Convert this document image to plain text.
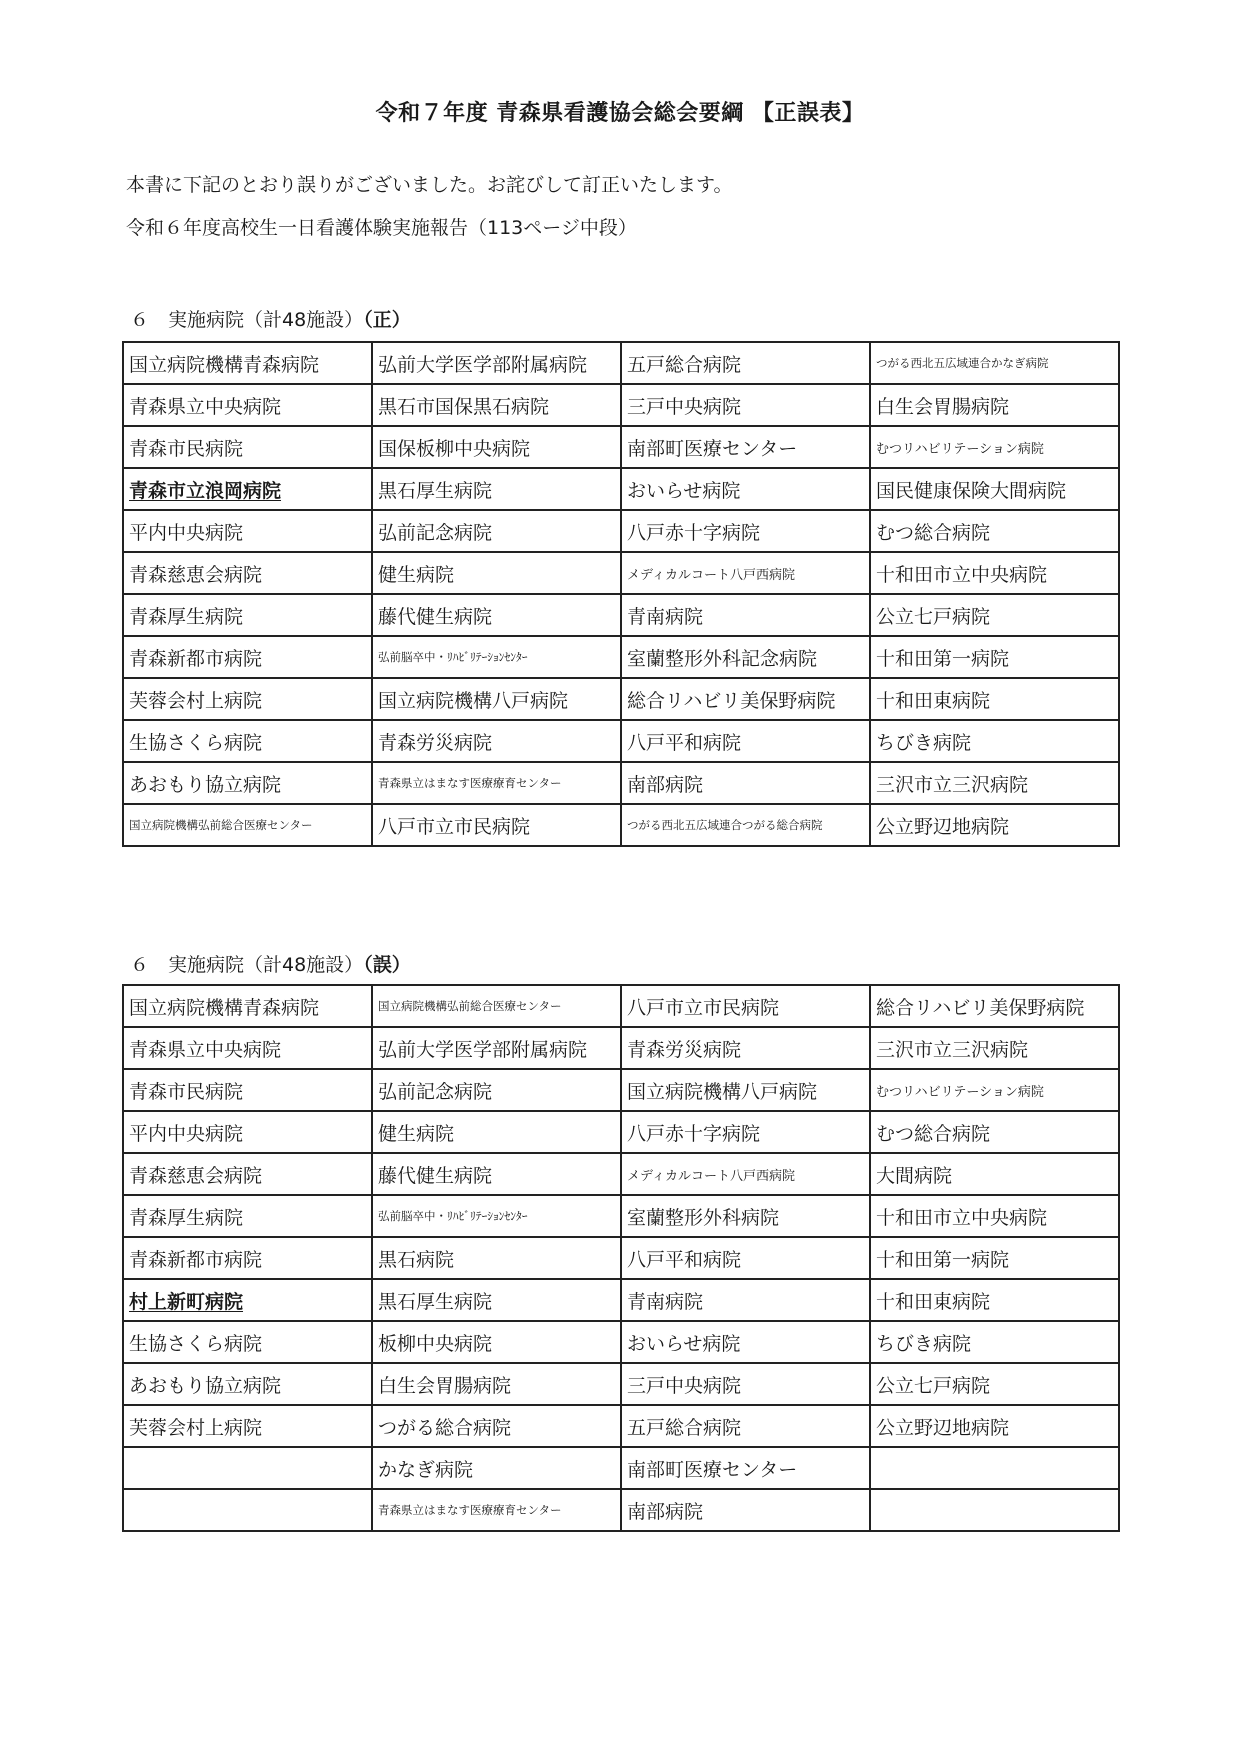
令和７年度 青森県看護協会総会要綱 【正誤表】
本書に下記のとおり誤りがございました。お詫びして訂正いたします。
令和６年度高校生一日看護体験実施報告（113ページ中段）
６　実施病院（計48施設）（正）
国立病院機構青森病院	弘前大学医学部附属病院	五戸総合病院	つがる西北五広域連合かなぎ病院
青森県立中央病院	黒石市国保黒石病院	三戸中央病院	白生会胃腸病院
青森市民病院	国保板柳中央病院	南部町医療センター	むつリハビリテーション病院
青森市立浪岡病院	黒石厚生病院	おいらせ病院	国民健康保険大間病院
平内中央病院	弘前記念病院	八戸赤十字病院	むつ総合病院
青森慈恵会病院	健生病院	メディカルコート八戸西病院	十和田市立中央病院
青森厚生病院	藤代健生病院	青南病院	公立七戸病院
青森新都市病院	弘前脳卒中・ﾘﾊﾋﾞﾘﾃｰｼｮﾝｾﾝﾀｰ	室蘭整形外科記念病院	十和田第一病院
芙蓉会村上病院	国立病院機構八戸病院	総合リハビリ美保野病院	十和田東病院
生協さくら病院	青森労災病院	八戸平和病院	ちびき病院
あおもり協立病院	青森県立はまなす医療療育センター	南部病院	三沢市立三沢病院
国立病院機構弘前総合医療センター	八戸市立市民病院	つがる西北五広域連合つがる総合病院	公立野辺地病院
６　実施病院（計48施設）（誤）
国立病院機構青森病院	国立病院機構弘前総合医療センター	八戸市立市民病院	総合リハビリ美保野病院
青森県立中央病院	弘前大学医学部附属病院	青森労災病院	三沢市立三沢病院
青森市民病院	弘前記念病院	国立病院機構八戸病院	むつリハビリテーション病院
平内中央病院	健生病院	八戸赤十字病院	むつ総合病院
青森慈恵会病院	藤代健生病院	メディカルコート八戸西病院	大間病院
青森厚生病院	弘前脳卒中・ﾘﾊﾋﾞﾘﾃｰｼｮﾝｾﾝﾀｰ	室蘭整形外科病院	十和田市立中央病院
青森新都市病院	黒石病院	八戸平和病院	十和田第一病院
村上新町病院	黒石厚生病院	青南病院	十和田東病院
生協さくら病院	板柳中央病院	おいらせ病院	ちびき病院
あおもり協立病院	白生会胃腸病院	三戸中央病院	公立七戸病院
芙蓉会村上病院	つがる総合病院	五戸総合病院	公立野辺地病院
	かなぎ病院	南部町医療センター	
	青森県立はまなす医療療育センター	南部病院	
